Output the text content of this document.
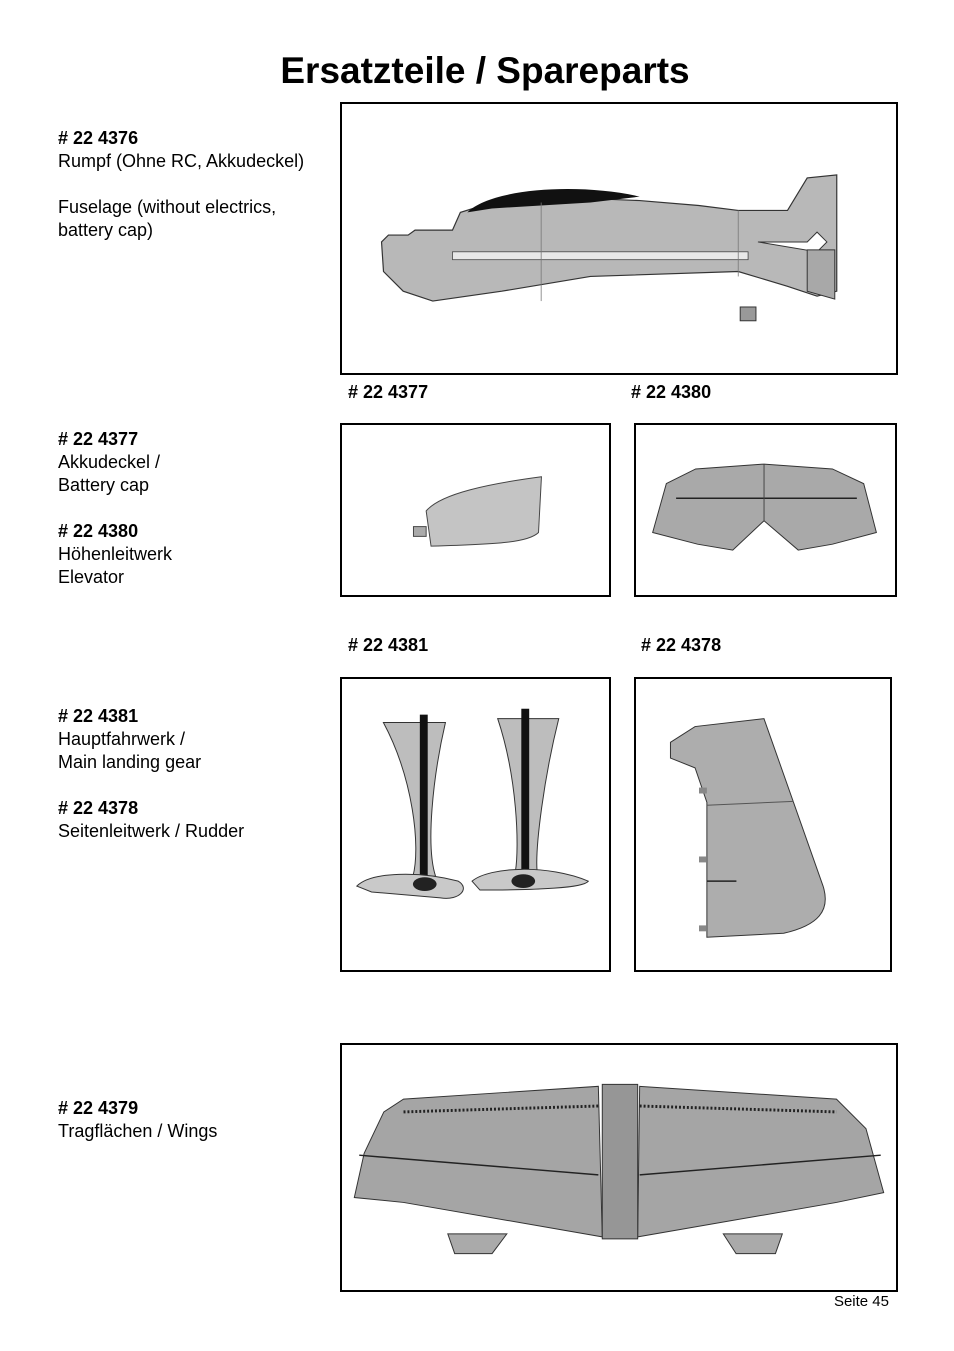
Ersatzteile / Spareparts
# 22 4376
Rumpf (Ohne RC, Akkudeckel)
Fuselage (without electrics,
battery cap)
# 22 4377	# 22 4380
# 22 4377
Akkudeckel /
Battery cap
# 22 4380
Höhenleitwerk
Elevator
# 22 4381	# 22 4378
# 22 4381
Hauptfahrwerk /
Main landing gear
# 22 4378
Seitenleitwerk / Rudder
# 22 4379
Tragflächen / Wings
Seite 45
